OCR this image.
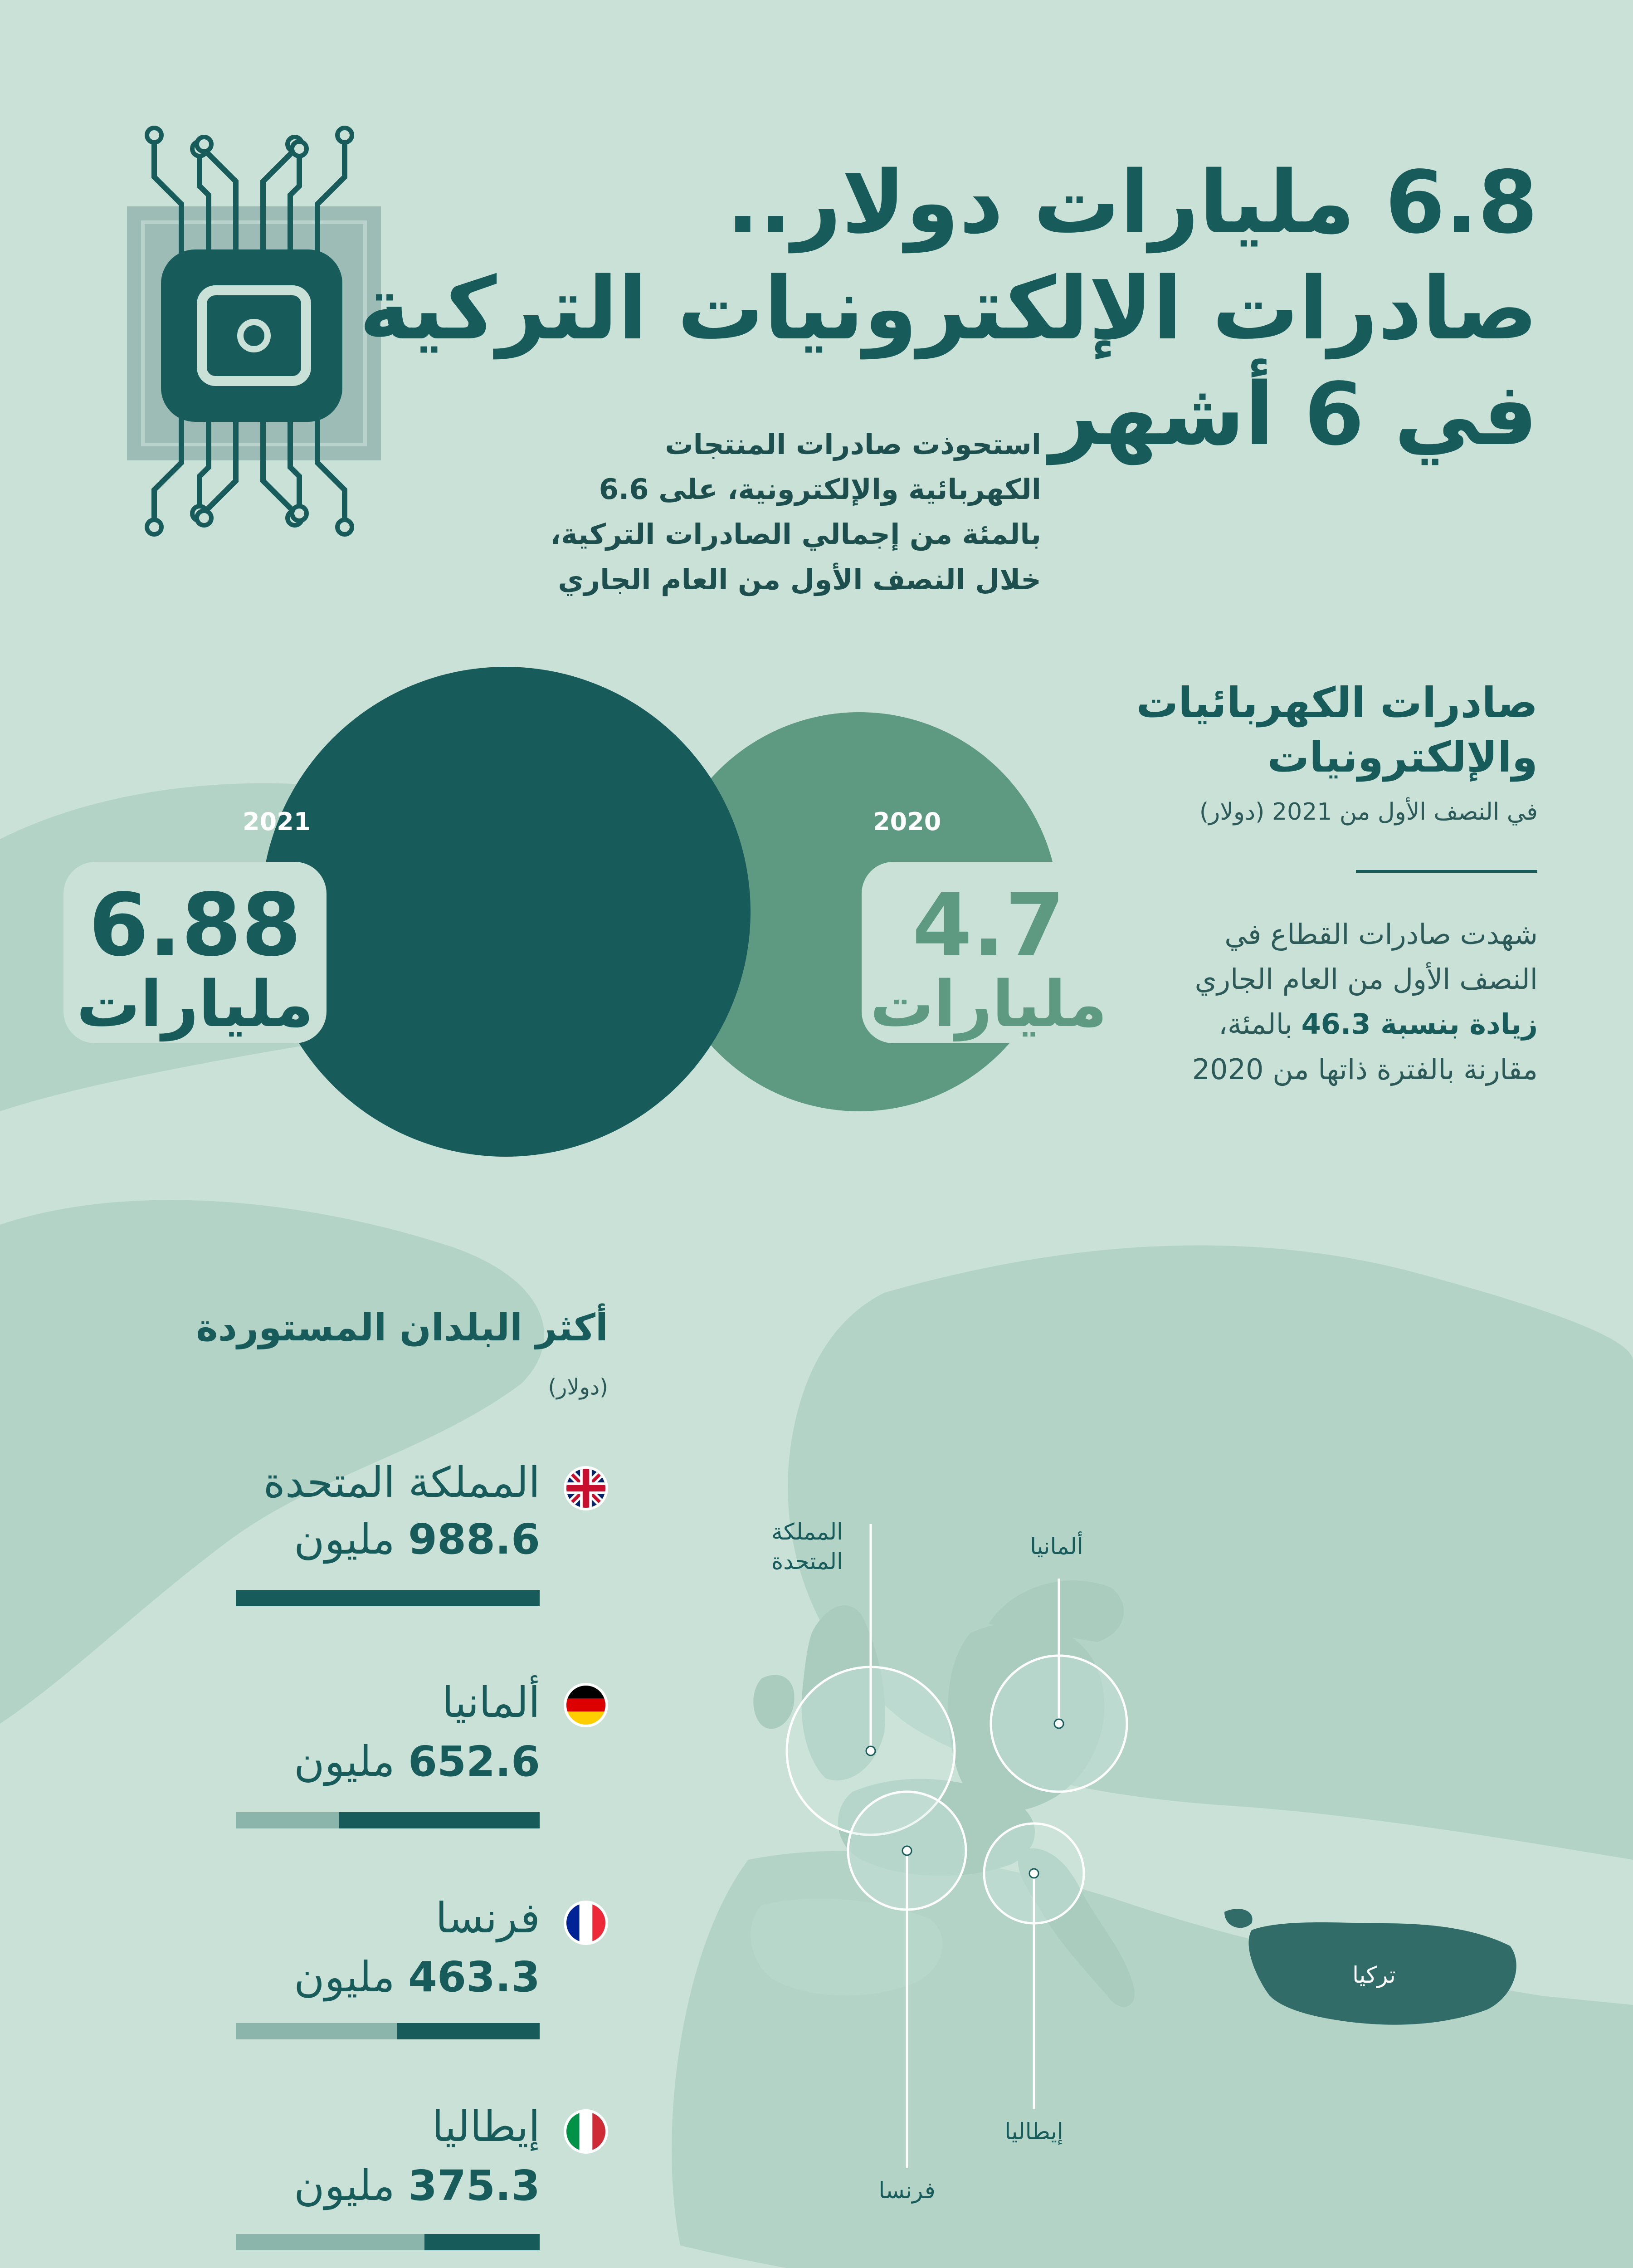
6.8 مليارات دولار..
صادرات الإلكترونيات التركية
في 6 أشهر
استحوذت صادرات المنتجات الكهربائية والإلكترونية، على 6.6 بالمئة من إجمالي الصادرات التركية، خلال النصف الأول من العام الجاري
2021	2020
6.88
مليارات
4.7
مليارات
صادرات الكهربائيات والإلكترونيات
في النصف الأول من 2021 (دولار)
شهدت صادرات القطاع في النصف الأول من العام الجاري زيادة بنسبة 46.3 بالمئة، مقارنة بالفترة ذاتها من 2020
أكثر البلدان المستوردة
(دولار)
المملكة المتحدة
988.6 مليون
ألمانيا
652.6 مليون
فرنسا
463.3 مليون
إيطاليا
375.3 مليون
المملكة المتحدة
ألمانيا
فرنسا
إيطاليا
تركيا
